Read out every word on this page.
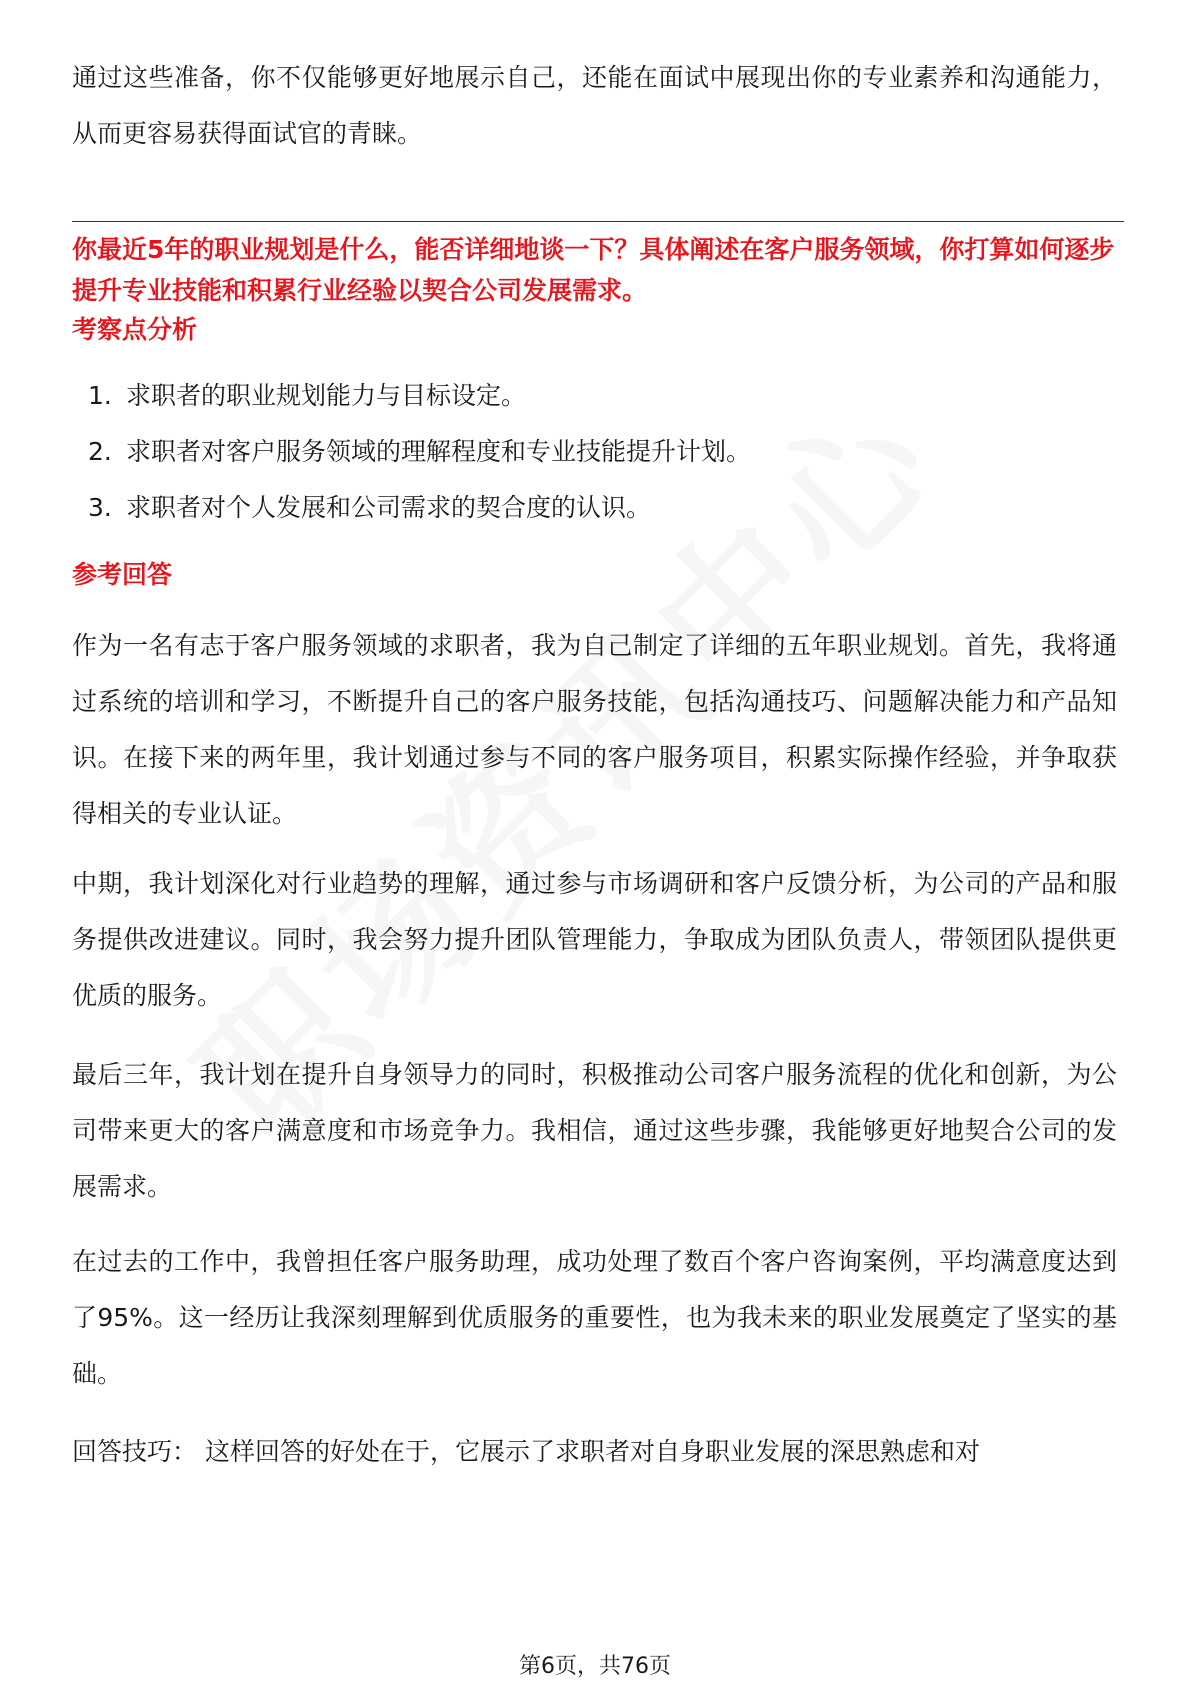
通过这些准备，你不仅能够更好地展示自己，还能在面试中展现出你的专业素养和沟通能力，从而更容易获得面试官的青睐。

你最近5年的职业规划是什么，能否详细地谈一下？具体阐述在客户服务领域，你打算如何逐步提升专业技能和积累行业经验以契合公司发展需求。
考察点分析
1. 求职者的职业规划能力与目标设定。
2. 求职者对客户服务领域的理解程度和专业技能提升计划。
3. 求职者对个人发展和公司需求的契合度的认识。
参考回答

作为一名有志于客户服务领域的求职者，我为自己制定了详细的五年职业规划。首先，我将通过系统的培训和学习，不断提升自己的客户服务技能，包括沟通技巧、问题解决能力和产品知识。在接下来的两年里，我计划通过参与不同的客户服务项目，积累实际操作经验，并争取获得相关的专业认证。

中期，我计划深化对行业趋势的理解，通过参与市场调研和客户反馈分析，为公司的产品和服务提供改进建议。同时，我会努力提升团队管理能力，争取成为团队负责人，带领团队提供更优质的服务。

最后三年，我计划在提升自身领导力的同时，积极推动公司客户服务流程的优化和创新，为公司带来更大的客户满意度和市场竞争力。我相信，通过这些步骤，我能够更好地契合公司的发展需求。

在过去的工作中，我曾担任客户服务助理，成功处理了数百个客户咨询案例，平均满意度达到了95%。这一经历让我深刻理解到优质服务的重要性，也为我未来的职业发展奠定了坚实的基础。

回答技巧： 这样回答的好处在于，它展示了求职者对自身职业发展的深思熟虑和对

第6页，共76页
